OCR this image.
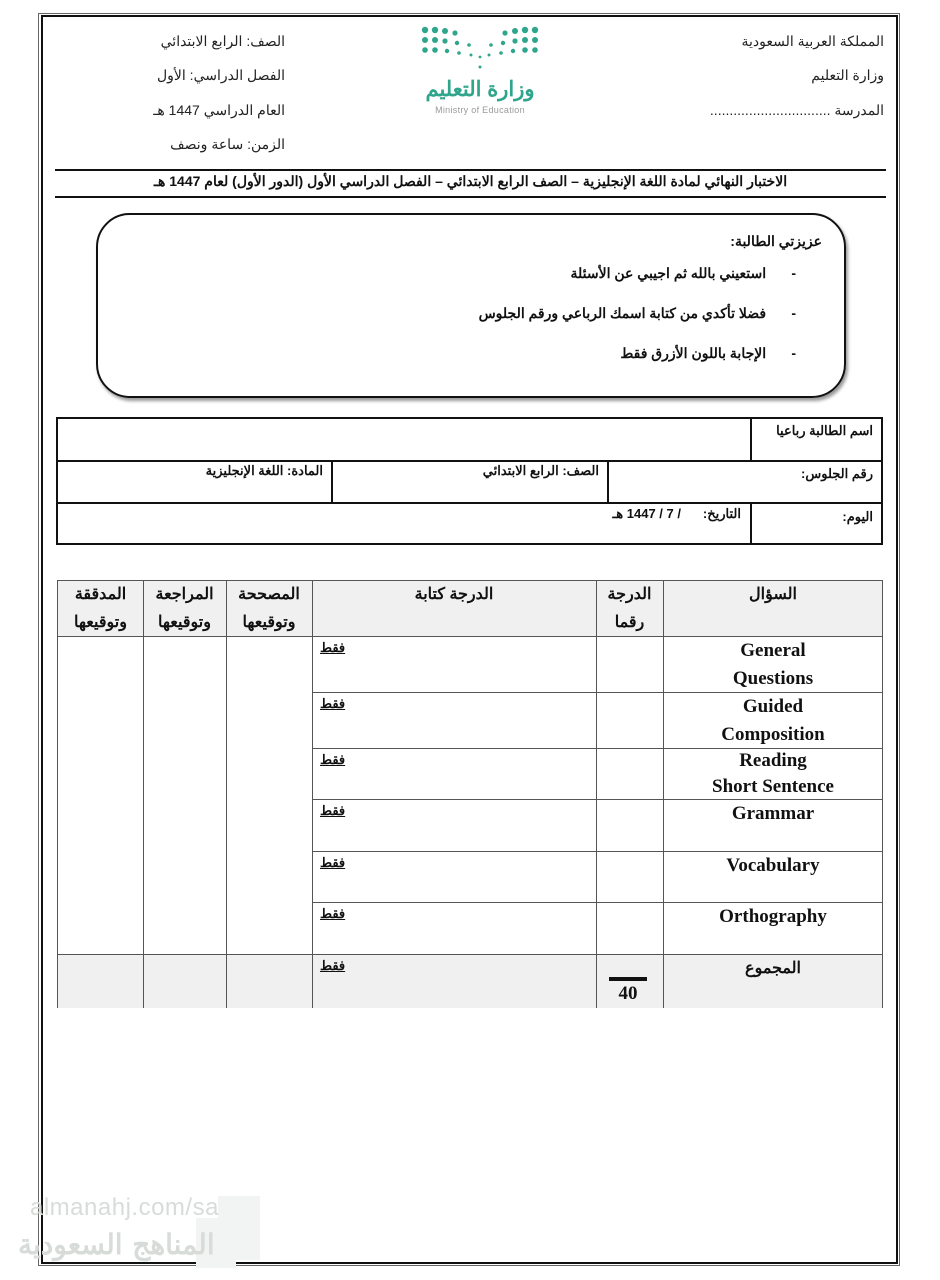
المملكة العربية السعودية
وزارة التعليم
المدرسة ...............................
وزارة التعليم
Ministry of Education
الصف: الرابع الابتدائي
الفصل الدراسي: الأول
العام الدراسي 1447 هـ
الزمن: ساعة ونصف
الاختبار النهائي لمادة اللغة الإنجليزية – الصف الرابع الابتدائي – الفصل الدراسي الأول (الدور الأول) لعام 1447 هـ
عزيزتي الطالبة:
- استعيني بالله ثم اجيبي عن الأسئلة
- فضلا تأكدي من كتابة اسمك الرباعي ورقم الجلوس
- الإجابة باللون الأزرق فقط
اسم الطالبة رباعيا
رقم الجلوس:
الصف: الرابع الابتدائي
المادة: اللغة الإنجليزية
اليوم:
التاريخ:
/ 7 / 1447 هـ
السؤال
الدرجة
رقما
الدرجة كتابة
المصححة
وتوقيعها
المراجعة
وتوقيعها
المدققة
وتوقيعها
General
Questions
فقط
Guided
Composition
فقط
Reading
Short Sentence
فقط
Grammar
فقط
Vocabulary
فقط
Orthography
فقط
المجموع
فقط
40
almanahj.com/sa
المناهج السعودية
